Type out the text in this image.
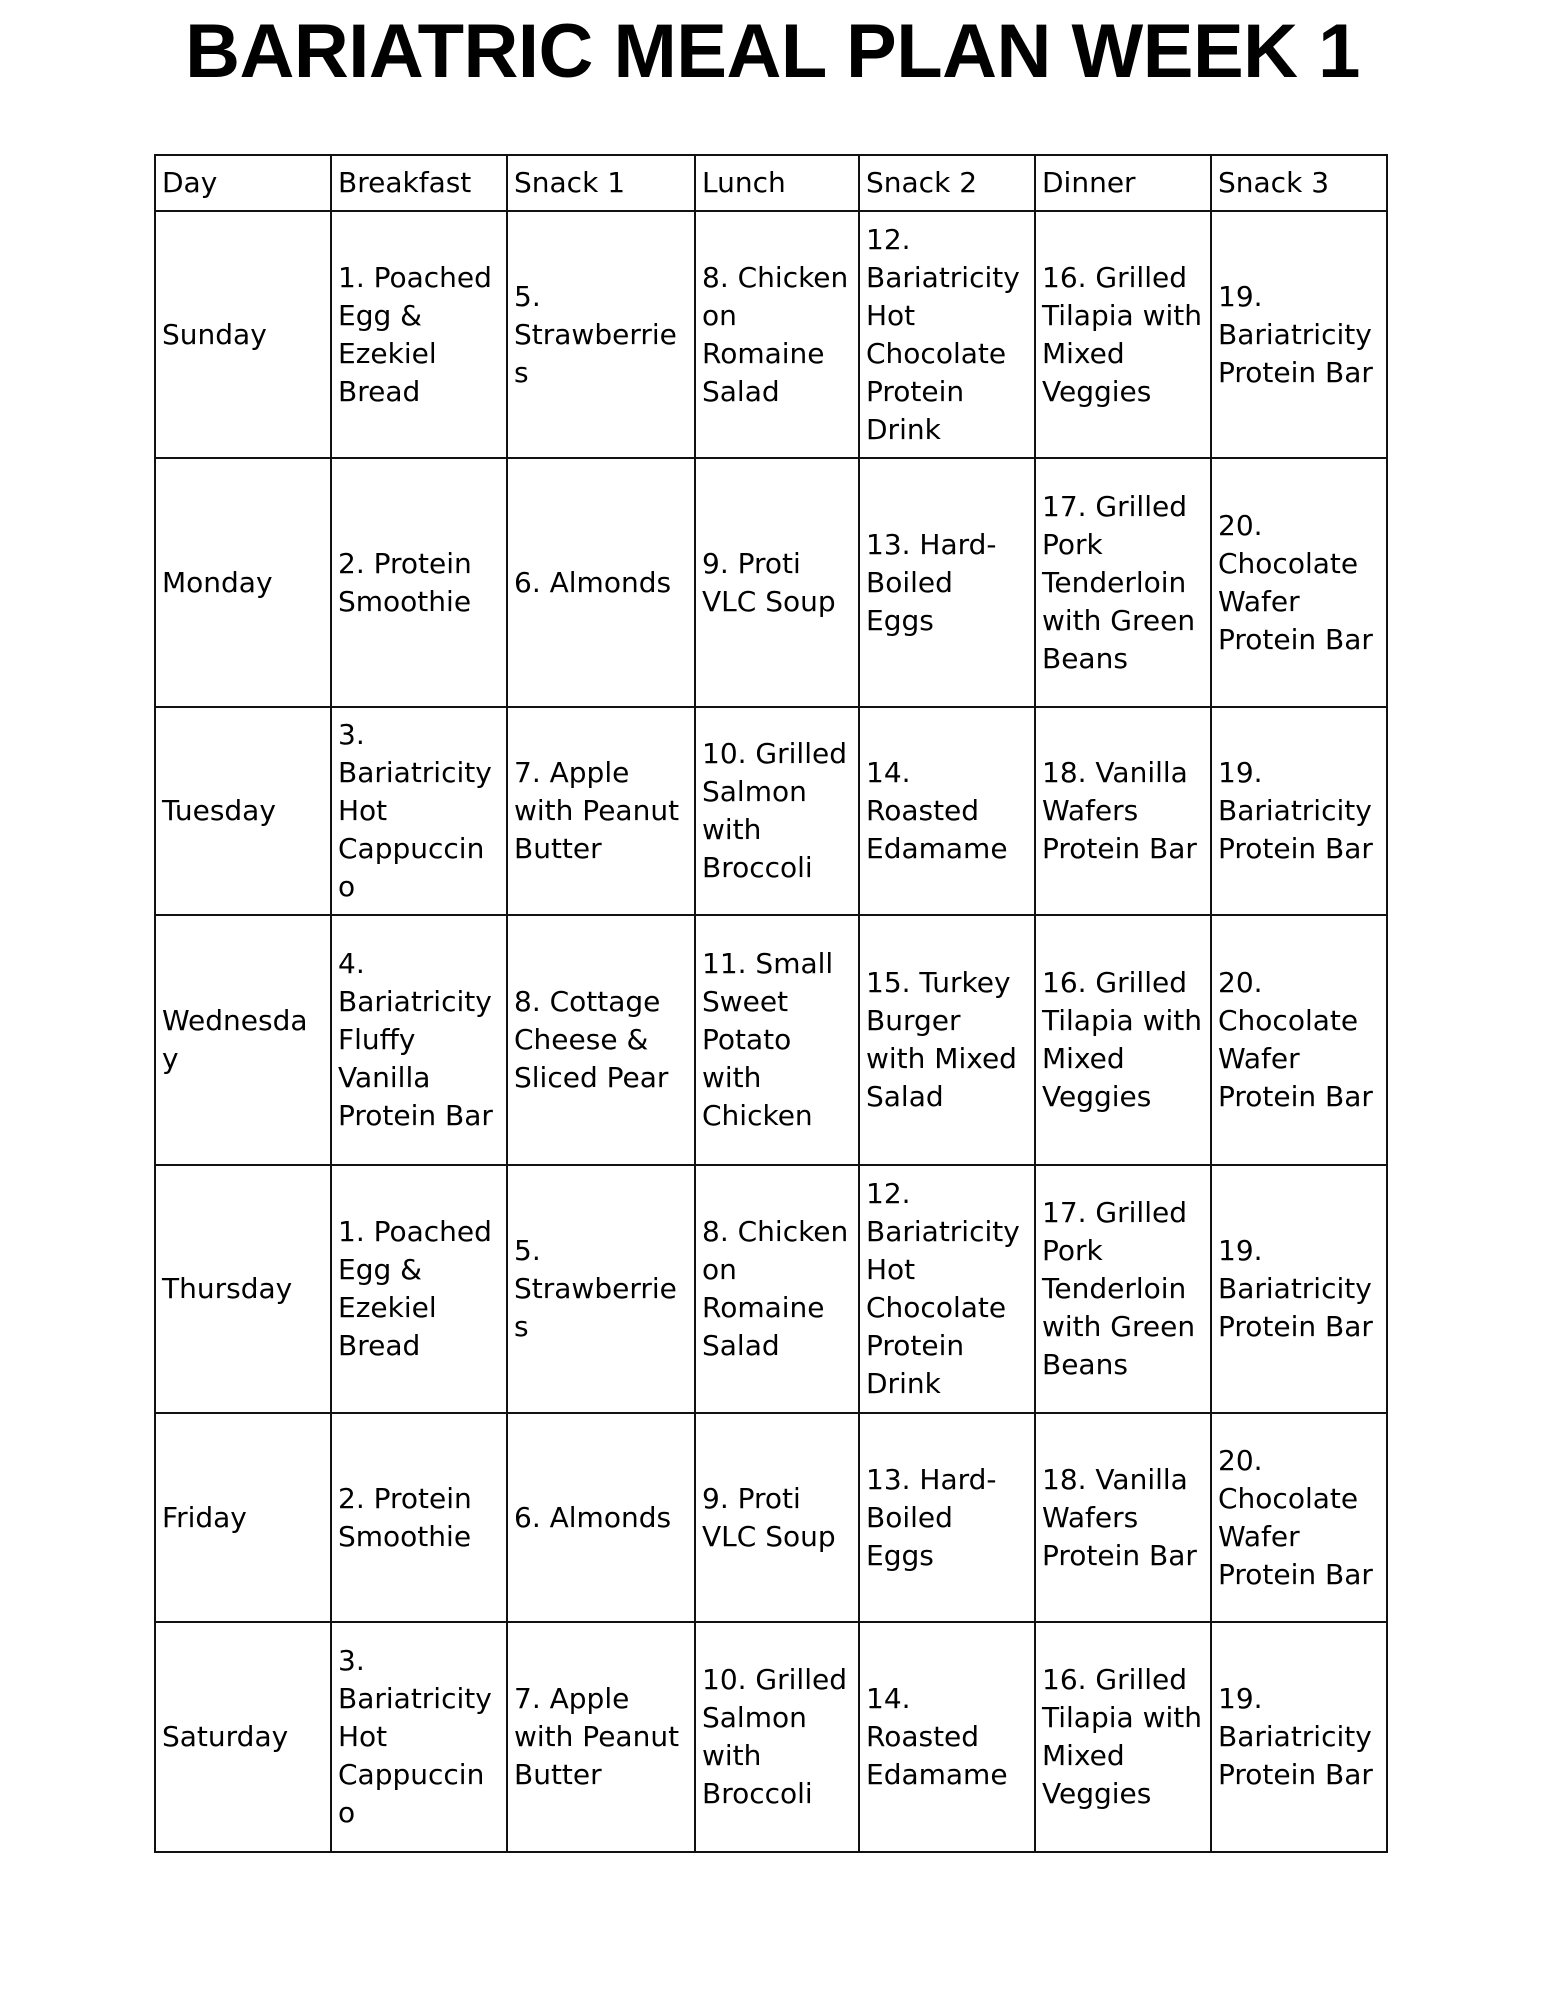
BARIATRIC MEAL PLAN WEEK 1
Day	Breakfast	Snack 1	Lunch	Snack 2	Dinner	Snack 3
Sunday	1. Poached Egg & Ezekiel Bread	5. Strawberries	8. Chicken on Romaine Salad	12. Bariatricity Hot Chocolate Protein Drink	16. Grilled Tilapia with Mixed Veggies	19. Bariatricity Protein Bar
Monday	2. Protein Smoothie	6. Almonds	9. Proti VLC Soup	13. Hard-Boiled Eggs	17. Grilled Pork Tenderloin with Green Beans	20. Chocolate Wafer Protein Bar
Tuesday	3. Bariatricity Hot Cappuccino	7. Apple with Peanut Butter	10. Grilled Salmon with Broccoli	14. Roasted Edamame	18. Vanilla Wafers Protein Bar	19. Bariatricity Protein Bar
Wednesday	4. Bariatricity Fluffy Vanilla Protein Bar	8. Cottage Cheese & Sliced Pear	11. Small Sweet Potato with Chicken	15. Turkey Burger with Mixed Salad	16. Grilled Tilapia with Mixed Veggies	20. Chocolate Wafer Protein Bar
Thursday	1. Poached Egg & Ezekiel Bread	5. Strawberries	8. Chicken on Romaine Salad	12. Bariatricity Hot Chocolate Protein Drink	17. Grilled Pork Tenderloin with Green Beans	19. Bariatricity Protein Bar
Friday	2. Protein Smoothie	6. Almonds	9. Proti VLC Soup	13. Hard-Boiled Eggs	18. Vanilla Wafers Protein Bar	20. Chocolate Wafer Protein Bar
Saturday	3. Bariatricity Hot Cappuccino	7. Apple with Peanut Butter	10. Grilled Salmon with Broccoli	14. Roasted Edamame	16. Grilled Tilapia with Mixed Veggies	19. Bariatricity Protein Bar
